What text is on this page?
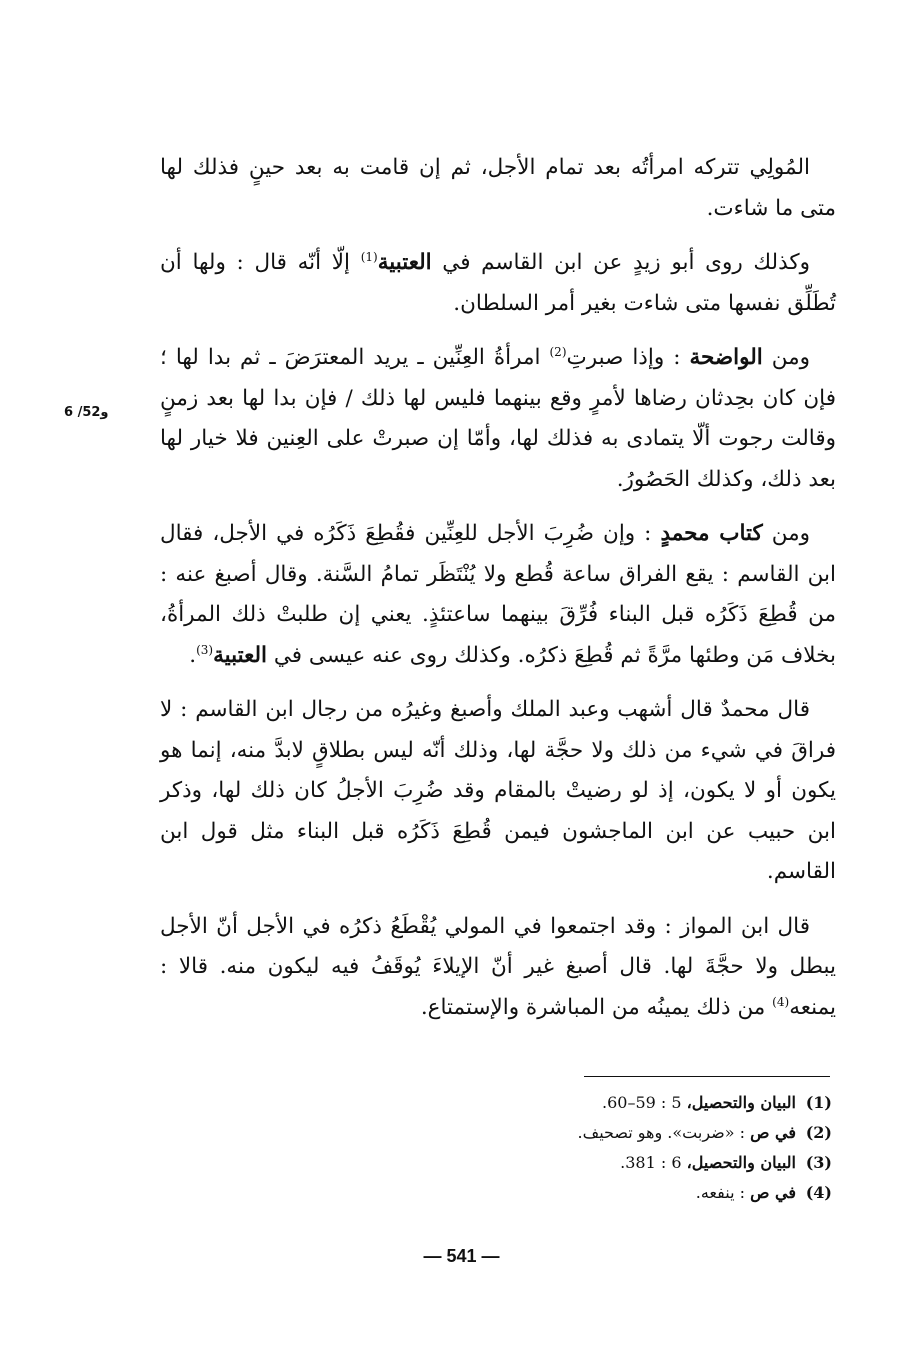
المُولِي تتركه امرأتُه بعد تمام الأجل، ثم إن قامت به بعد حينٍ فذلك لها متى ما شاءت.

وكذلك روى أبو زيدٍ عن ابن القاسم في العتبية$^{(1)}$ إلّا أنّه قال : ولها أن تُطَلِّق نفسها متى شاءت بغير أمر السلطان.

ومن الواضحة : وإذا صبرتِ$^{(2)}$ امرأةُ العِنِّين ـ يريد المعترَضَ ـ ثم بدا لها ؛ فإن كان بحِدثان رضاها لأمرٍ وقع بينهما فليس لها ذلك / فإن بدا لها بعد زمنٍ وقالت رجوت ألّا يتمادى به فذلك لها، وأمّا إن صبرتْ على العِنين فلا خيار لها بعد ذلك، وكذلك الحَصُورُ.

ومن كتاب محمدٍ : وإن ضُرِبَ الأجل للعِنِّين فقُطِعَ ذَكَرُه في الأجل، فقال ابن القاسم : يقع الفراق ساعة قُطع ولا يُنْتَظَر تمامُ السَّنة. وقال أصبغ عنه : من قُطِعَ ذَكَرُه قبل البناء فُرِّقَ بينهما ساعتئذٍ. يعني إن طلبتْ ذلك المرأةُ، بخلاف مَن وطئها مرَّةً ثم قُطِعَ ذكرُه. وكذلك روى عنه عيسى في العتبية$^{(3)}$.

قال محمدٌ قال أشهب وعبد الملك وأصبغ وغيرُه من رجال ابن القاسم : لا فراقَ في شيء من ذلك ولا حجَّة لها، وذلك أنّه ليس بطلاقٍ لابدَّ منه، إنما هو يكون أو لا يكون، إذ لو رضيتْ بالمقام وقد ضُرِبَ الأجلُ كان ذلك لها، وذكر ابن حبيب عن ابن الماجشون فيمن قُطِعَ ذَكَرُه قبل البناء مثل قول ابن القاسم.

قال ابن المواز : وقد اجتمعوا في المولي يُقْطَعُ ذكرُه في الأجل أنّ الأجل يبطل ولا حجَّةَ لها. قال أصبغ غير أنّ الإيلاءَ يُوقَفُ فيه ليكون منه. قالا : يمنعه$^{(4)}$ من ذلك يمينُه من المباشرة والإستمتاع.

6 /52و
(1)
البيان والتحصيل، 5 : 59–60.
(2)
في ص : «ضربت». وهو تصحيف.
(3)
البيان والتحصيل، 6 : 381.
(4)
في ص : ينفعه.
— 541 —
